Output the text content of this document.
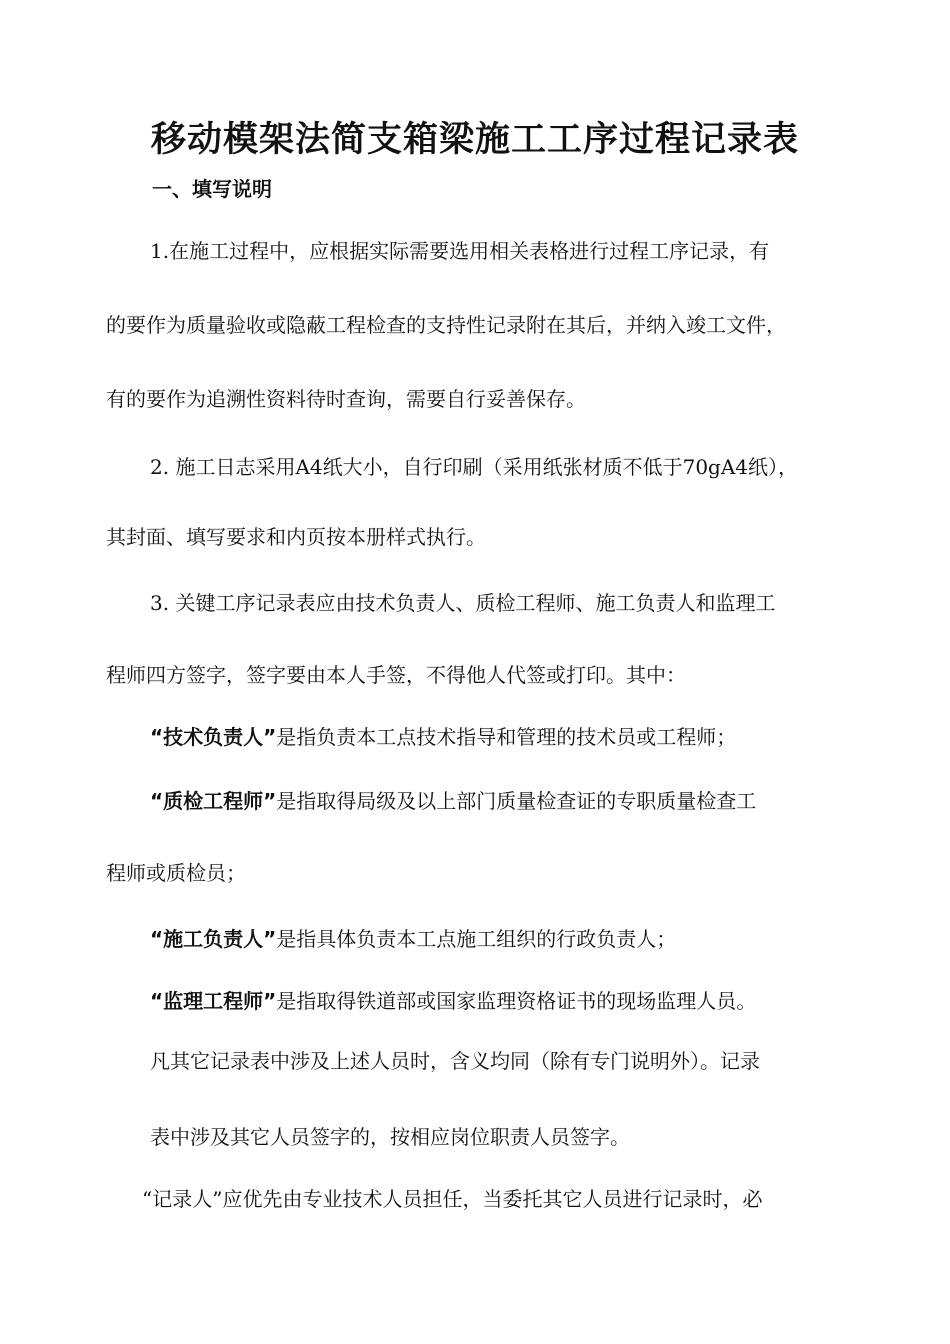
移动模架法简支箱梁施工工序过程记录表
一、填写说明
1.在施工过程中，应根据实际需要选用相关表格进行过程工序记录，有
的要作为质量验收或隐蔽工程检查的支持性记录附在其后，并纳入竣工文件，
有的要作为追溯性资料待时查询，需要自行妥善保存。
2. 施工日志采用A4纸大小，自行印刷（采用纸张材质不低于70gA4纸），
其封面、填写要求和内页按本册样式执行。
3. 关键工序记录表应由技术负责人、质检工程师、施工负责人和监理工
程师四方签字，签字要由本人手签，不得他人代签或打印。其中：
“技术负责人”是指负责本工点技术指导和管理的技术员或工程师；
“质检工程师”是指取得局级及以上部门质量检查证的专职质量检查工
程师或质检员；
“施工负责人”是指具体负责本工点施工组织的行政负责人；
“监理工程师”是指取得铁道部或国家监理资格证书的现场监理人员。
凡其它记录表中涉及上述人员时，含义均同（除有专门说明外）。记录
表中涉及其它人员签字的，按相应岗位职责人员签字。
“记录人”应优先由专业技术人员担任，当委托其它人员进行记录时，必
